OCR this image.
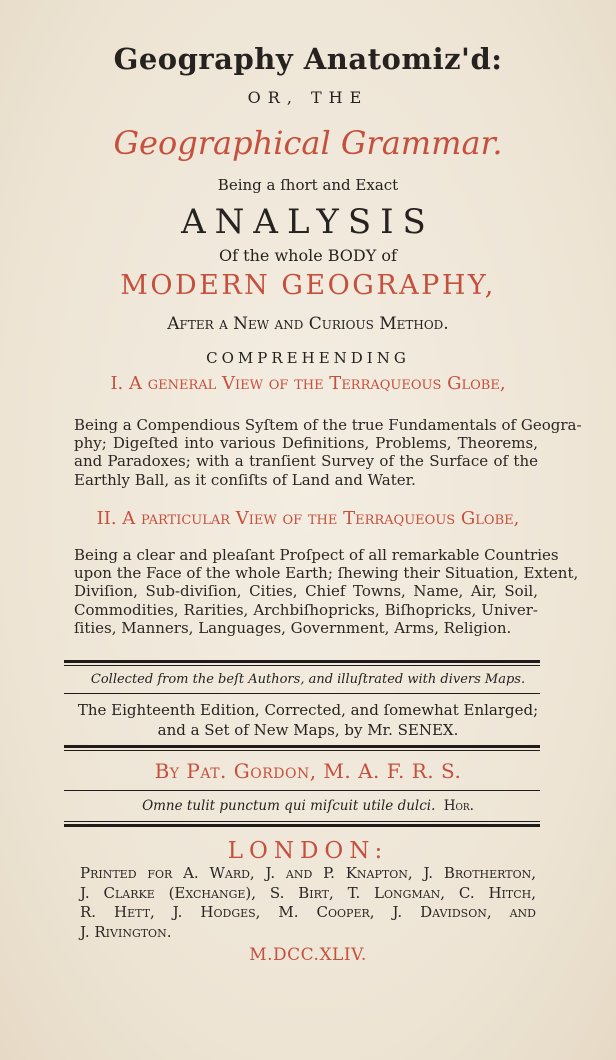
Geography Anatomiz'd:
OR, THE
Geographical Grammar.
Being a ſhort and Exact
ANALYSIS
Of the whole BODY of
MODERN GEOGRAPHY,
After a New and Curious Method.
COMPREHENDING
I. A general View of the Terraqueous Globe,
Being a Compendious Syſtem of the true Fundamentals of Geogra-
phy; Digeſted into various Definitions, Problems, Theorems,
and Paradoxes; with a tranſient Survey of the Surface of the
Earthly Ball, as it conſiſts of Land and Water.
II. A particular View of the Terraqueous Globe,
Being a clear and pleaſant Proſpect of all remarkable Countries
upon the Face of the whole Earth; ſhewing their Situation, Extent,
Diviſion, Sub-diviſion, Cities, Chief Towns, Name, Air, Soil,
Commodities, Rarities, Archbiſhopricks, Biſhopricks, Univer-
ſities, Manners, Languages, Government, Arms, Religion.
Collected from the beſt Authors, and illuſtrated with divers Maps.
The Eighteenth Edition, Corrected, and ſomewhat Enlarged;
and a Set of New Maps, by Mr. SENEX.
By Pat. Gordon, M. A. F. R. S.
Omne tulit punctum qui miſcuit utile dulci. Hor.
LONDON:
Printed for A. Ward, J. and P. Knapton, J. Brotherton,
J. Clarke (Exchange), S. Birt, T. Longman, C. Hitch,
R. Hett, J. Hodges, M. Cooper, J. Davidson, and
J. Rivington.
M.DCC.XLIV.
